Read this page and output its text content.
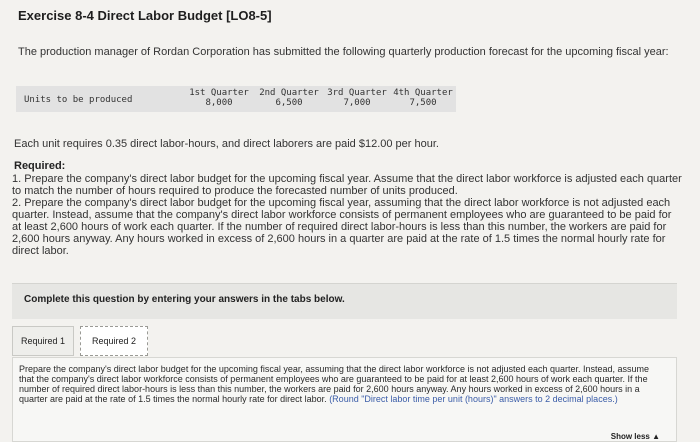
Exercise 8-4 Direct Labor Budget [LO8-5]
The production manager of Rordan Corporation has submitted the following quarterly production forecast for the upcoming fiscal year:
Units to be produced
1st Quarter
8,000
2nd Quarter
6,500
3rd Quarter
7,000
4th Quarter
7,500
Each unit requires 0.35 direct labor-hours, and direct laborers are paid $12.00 per hour.
Required:

1. Prepare the company's direct labor budget for the upcoming fiscal year. Assume that the direct labor workforce is adjusted each quarter to match the number of hours required to produce the forecasted number of units produced.

2. Prepare the company's direct labor budget for the upcoming fiscal year, assuming that the direct labor workforce is not adjusted each quarter. Instead, assume that the company's direct labor workforce consists of permanent employees who are guaranteed to be paid for at least 2,600 hours of work each quarter. If the number of required direct labor-hours is less than this number, the workers are paid for 2,600 hours anyway. Any hours worked in excess of 2,600 hours in a quarter are paid at the rate of 1.5 times the normal hourly rate for direct labor.

Complete this question by entering your answers in the tabs below.
Required 1	Required 2
Prepare the company's direct labor budget for the upcoming fiscal year, assuming that the direct labor workforce is not adjusted each quarter. Instead, assume that the company's direct labor workforce consists of permanent employees who are guaranteed to be paid for at least 2,600 hours of work each quarter. If the number of required direct labor-hours is less than this number, the workers are paid for 2,600 hours anyway. Any hours worked in excess of 2,600 hours in a quarter are paid at the rate of 1.5 times the normal hourly rate for direct labor. (Round "Direct labor time per unit (hours)" answers to 2 decimal places.)
Show less ▲
